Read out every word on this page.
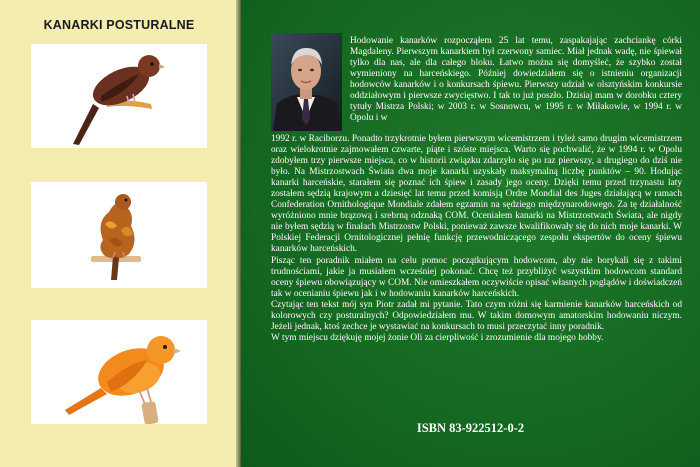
KANARKI POSTURALNE

Hodowanie kanarków rozpocząłem 25 lat temu, zaspakajając zachciankę córki Magdaleny. Pierwszym kanarkiem był czerwony samiec. Miał jednak wadę, nie śpiewał tylko dla nas, ale dla całego bloku. Łatwo można się domyśleć, że szybko został wymieniony na harceńskiego. Później dowiedziałem się o istnieniu organizacji hodowców kanarków i o konkursach śpiewu. Pierwszy udział w olsztyńskim konkursie oddziałowym i pierwsze zwycięstwo. I tak to już poszło. Dzisiaj mam w dorobku cztery tytuły Mistrza Polski; w 2003 r. w Sosnowcu, w 1995 r. w Miłakowie, w 1994 r. w Opolu i w

1992 r. w Raciborzu. Ponadto trzykrotnie byłem pierwszym wicemistrzem i tyleż samo drugim wicemistrzem oraz wielokrotnie zajmowałem czwarte, piąte i szóste miejsca. Warto się pochwalić, że w 1994 r. w Opolu zdobyłem trzy pierwsze miejsca, co w historii związku zdarzyło się po raz pierwszy, a drugiego do dziś nie było. Na Mistrzostwach Świata dwa moje kanarki uzyskały maksymalną liczbę punktów – 90. Hodując kanarki harceńskie, starałem się poznać ich śpiew i zasady jego oceny. Dzięki temu przed trzynastu laty zostałem sędzią krajowym a dziesięć lat temu przed komisją Ordre Mondial des Juges działającą w ramach Confederation Ornithologique Mondiale zdałem egzamin na sędziego międzynarodowego. Za tę działalność wyróżniono mnie brązową i srebrną odznaką COM. Oceniałem kanarki na Mistrzostwach Świata, ale nigdy nie byłem sędzią w finałach Mistrzostw Polski, ponieważ zawsze kwalifikowały się do nich moje kanarki. W Polskiej Federacji Ornitologicznej pełnię funkcję przewodniczącego zespołu ekspertów do oceny śpiewu kanarków harceńskich.

Pisząc ten poradnik miałem na celu pomoc początkującym hodowcom, aby nie borykali się z takimi trudnościami, jakie ja musiałem wcześniej pokonać. Chcę też przybliżyć wszystkim hodowcom standard oceny śpiewu obowiązujący w COM. Nie omieszkałem oczywiście opisać własnych poglądów i doświadczeń tak w ocenianiu śpiewu jak i w hodowaniu kanarków harceńskich.

Czytając ten tekst mój syn Piotr zadał mi pytanie. Tato czym różni się karmienie kanarków harceńskich od kolorowych czy posturalnych? Odpowiedziałem mu. W takim domowym amatorskim hodowaniu niczym. Jeżeli jednak, ktoś zechce je wystawiać na konkursach to musi przeczytać inny poradnik.

W tym miejscu dziękuję mojej żonie Oli za cierpliwość i zrozumienie dla mojego hobby.

ISBN 83-922512-0-2
